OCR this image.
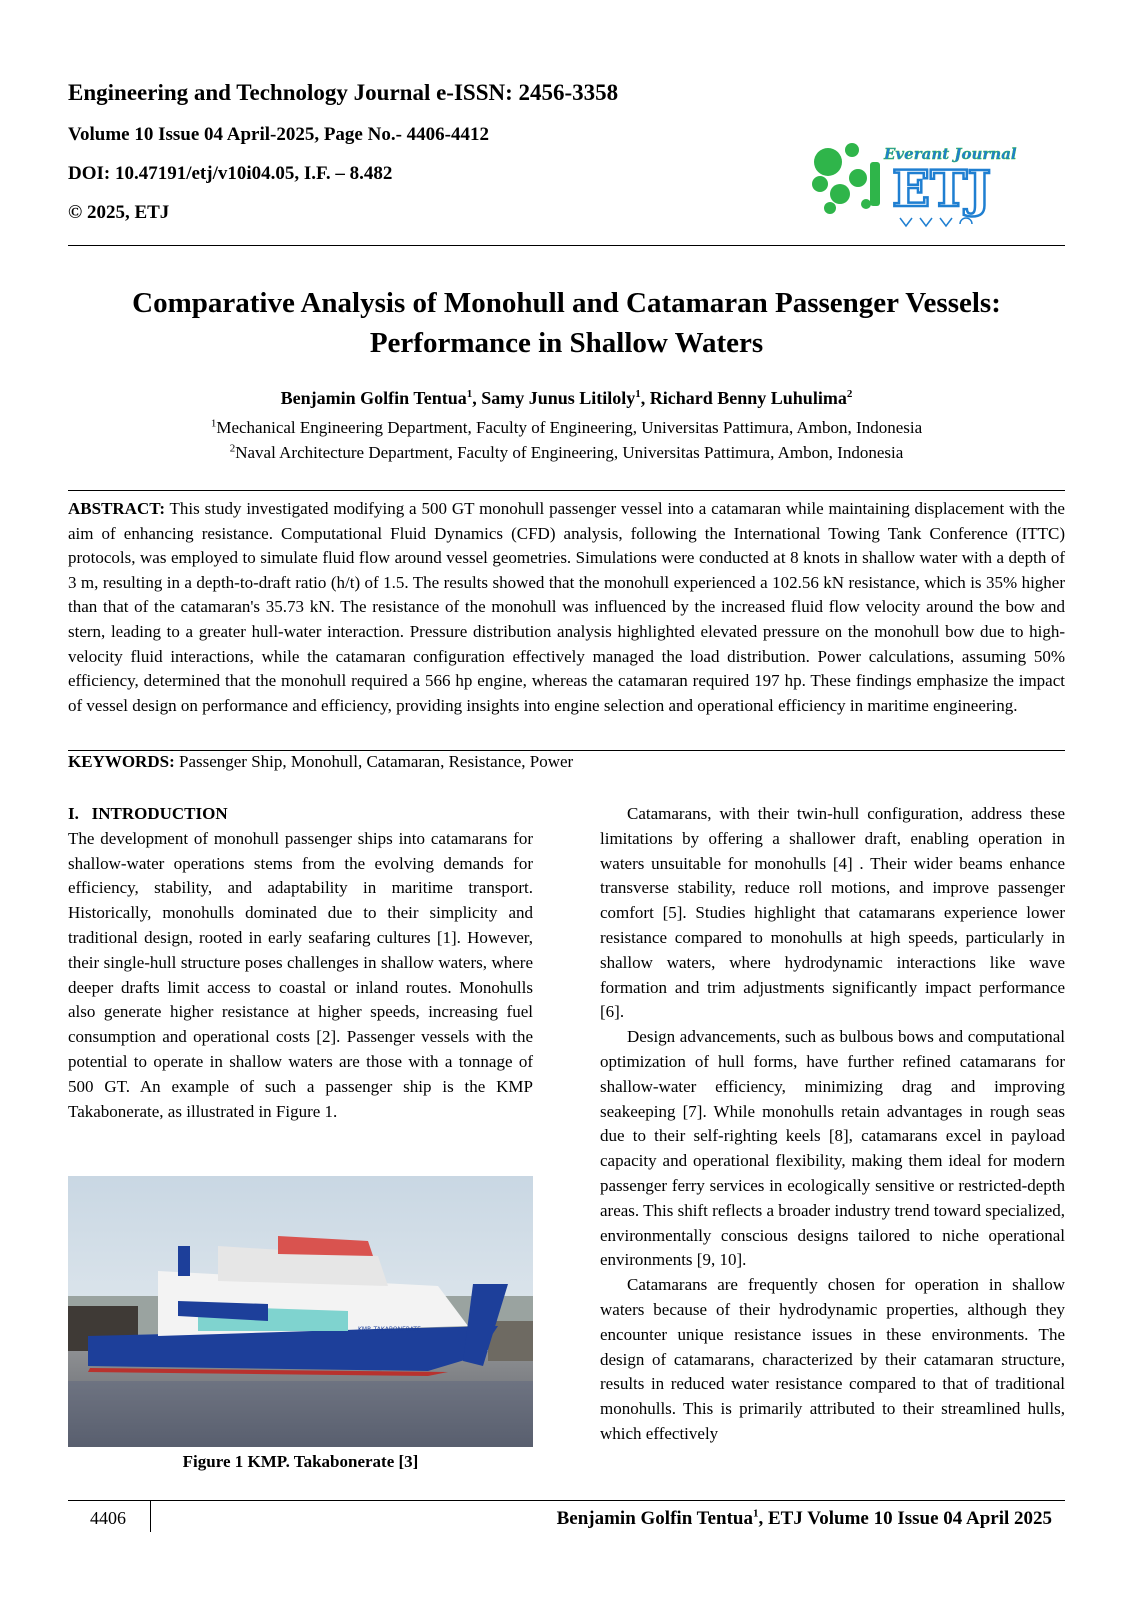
Engineering and Technology Journal e-ISSN: 2456-3358
Volume 10 Issue 04 April-2025, Page No.- 4406-4412
DOI: 10.47191/etj/v10i04.05, I.F. – 8.482
© 2025, ETJ
Everant Journal
ETJ
Comparative Analysis of Monohull and Catamaran Passenger Vessels:
Performance in Shallow Waters
Benjamin Golfin Tentua$^1$, Samy Junus Litiloly$^1$, Richard Benny Luhulima$^2$
$^1$Mechanical Engineering Department, Faculty of Engineering, Universitas Pattimura, Ambon, Indonesia
$^2$Naval Architecture Department, Faculty of Engineering, Universitas Pattimura, Ambon, Indonesia
ABSTRACT: This study investigated modifying a 500 GT monohull passenger vessel into a catamaran while maintaining displacement with the aim of enhancing resistance. Computational Fluid Dynamics (CFD) analysis, following the International Towing Tank Conference (ITTC) protocols, was employed to simulate fluid flow around vessel geometries. Simulations were conducted at 8 knots in shallow water with a depth of 3 m, resulting in a depth-to-draft ratio (h/t) of 1.5. The results showed that the monohull experienced a 102.56 kN resistance, which is 35% higher than that of the catamaran's 35.73 kN. The resistance of the monohull was influenced by the increased fluid flow velocity around the bow and stern, leading to a greater hull-water interaction. Pressure distribution analysis highlighted elevated pressure on the monohull bow due to high-velocity fluid interactions, while the catamaran configuration effectively managed the load distribution. Power calculations, assuming 50% efficiency, determined that the monohull required a 566 hp engine, whereas the catamaran required 197 hp. These findings emphasize the impact of vessel design on performance and efficiency, providing insights into engine selection and operational efficiency in maritime engineering.
KEYWORDS: Passenger Ship, Monohull, Catamaran, Resistance, Power

I.   INTRODUCTION

The development of monohull passenger ships into catamarans for shallow-water operations stems from the evolving demands for efficiency, stability, and adaptability in maritime transport. Historically, monohulls dominated due to their simplicity and traditional design, rooted in early seafaring cultures [1]. However, their single-hull structure poses challenges in shallow waters, where deeper drafts limit access to coastal or inland routes. Monohulls also generate higher resistance at higher speeds, increasing fuel consumption and operational costs [2]. Passenger vessels with the potential to operate in shallow waters are those with a tonnage of 500 GT. An example of such a passenger ship is the KMP Takabonerate, as illustrated in Figure 1.

KMP. TAKABONERATE
Figure 1 KMP. Takabonerate [3]

Catamarans, with their twin-hull configuration, address these limitations by offering a shallower draft, enabling operation in waters unsuitable for monohulls [4] . Their wider beams enhance transverse stability, reduce roll motions, and improve passenger comfort [5]. Studies highlight that catamarans experience lower resistance compared to monohulls at high speeds, particularly in shallow waters, where hydrodynamic interactions like wave formation and trim adjustments significantly impact performance [6].

Design advancements, such as bulbous bows and computational optimization of hull forms, have further refined catamarans for shallow-water efficiency, minimizing drag and improving seakeeping [7]. While monohulls retain advantages in rough seas due to their self-righting keels [8], catamarans excel in payload capacity and operational flexibility, making them ideal for modern passenger ferry services in ecologically sensitive or restricted-depth areas. This shift reflects a broader industry trend toward specialized, environmentally conscious designs tailored to niche operational environments [9, 10].

Catamarans are frequently chosen for operation in shallow waters because of their hydrodynamic properties, although they encounter unique resistance issues in these environments. The design of catamarans, characterized by their catamaran structure, results in reduced water resistance compared to that of traditional monohulls. This is primarily attributed to their streamlined hulls, which effectively

4406	Benjamin Golfin Tentua$^1$, ETJ Volume 10 Issue 04 April 2025
